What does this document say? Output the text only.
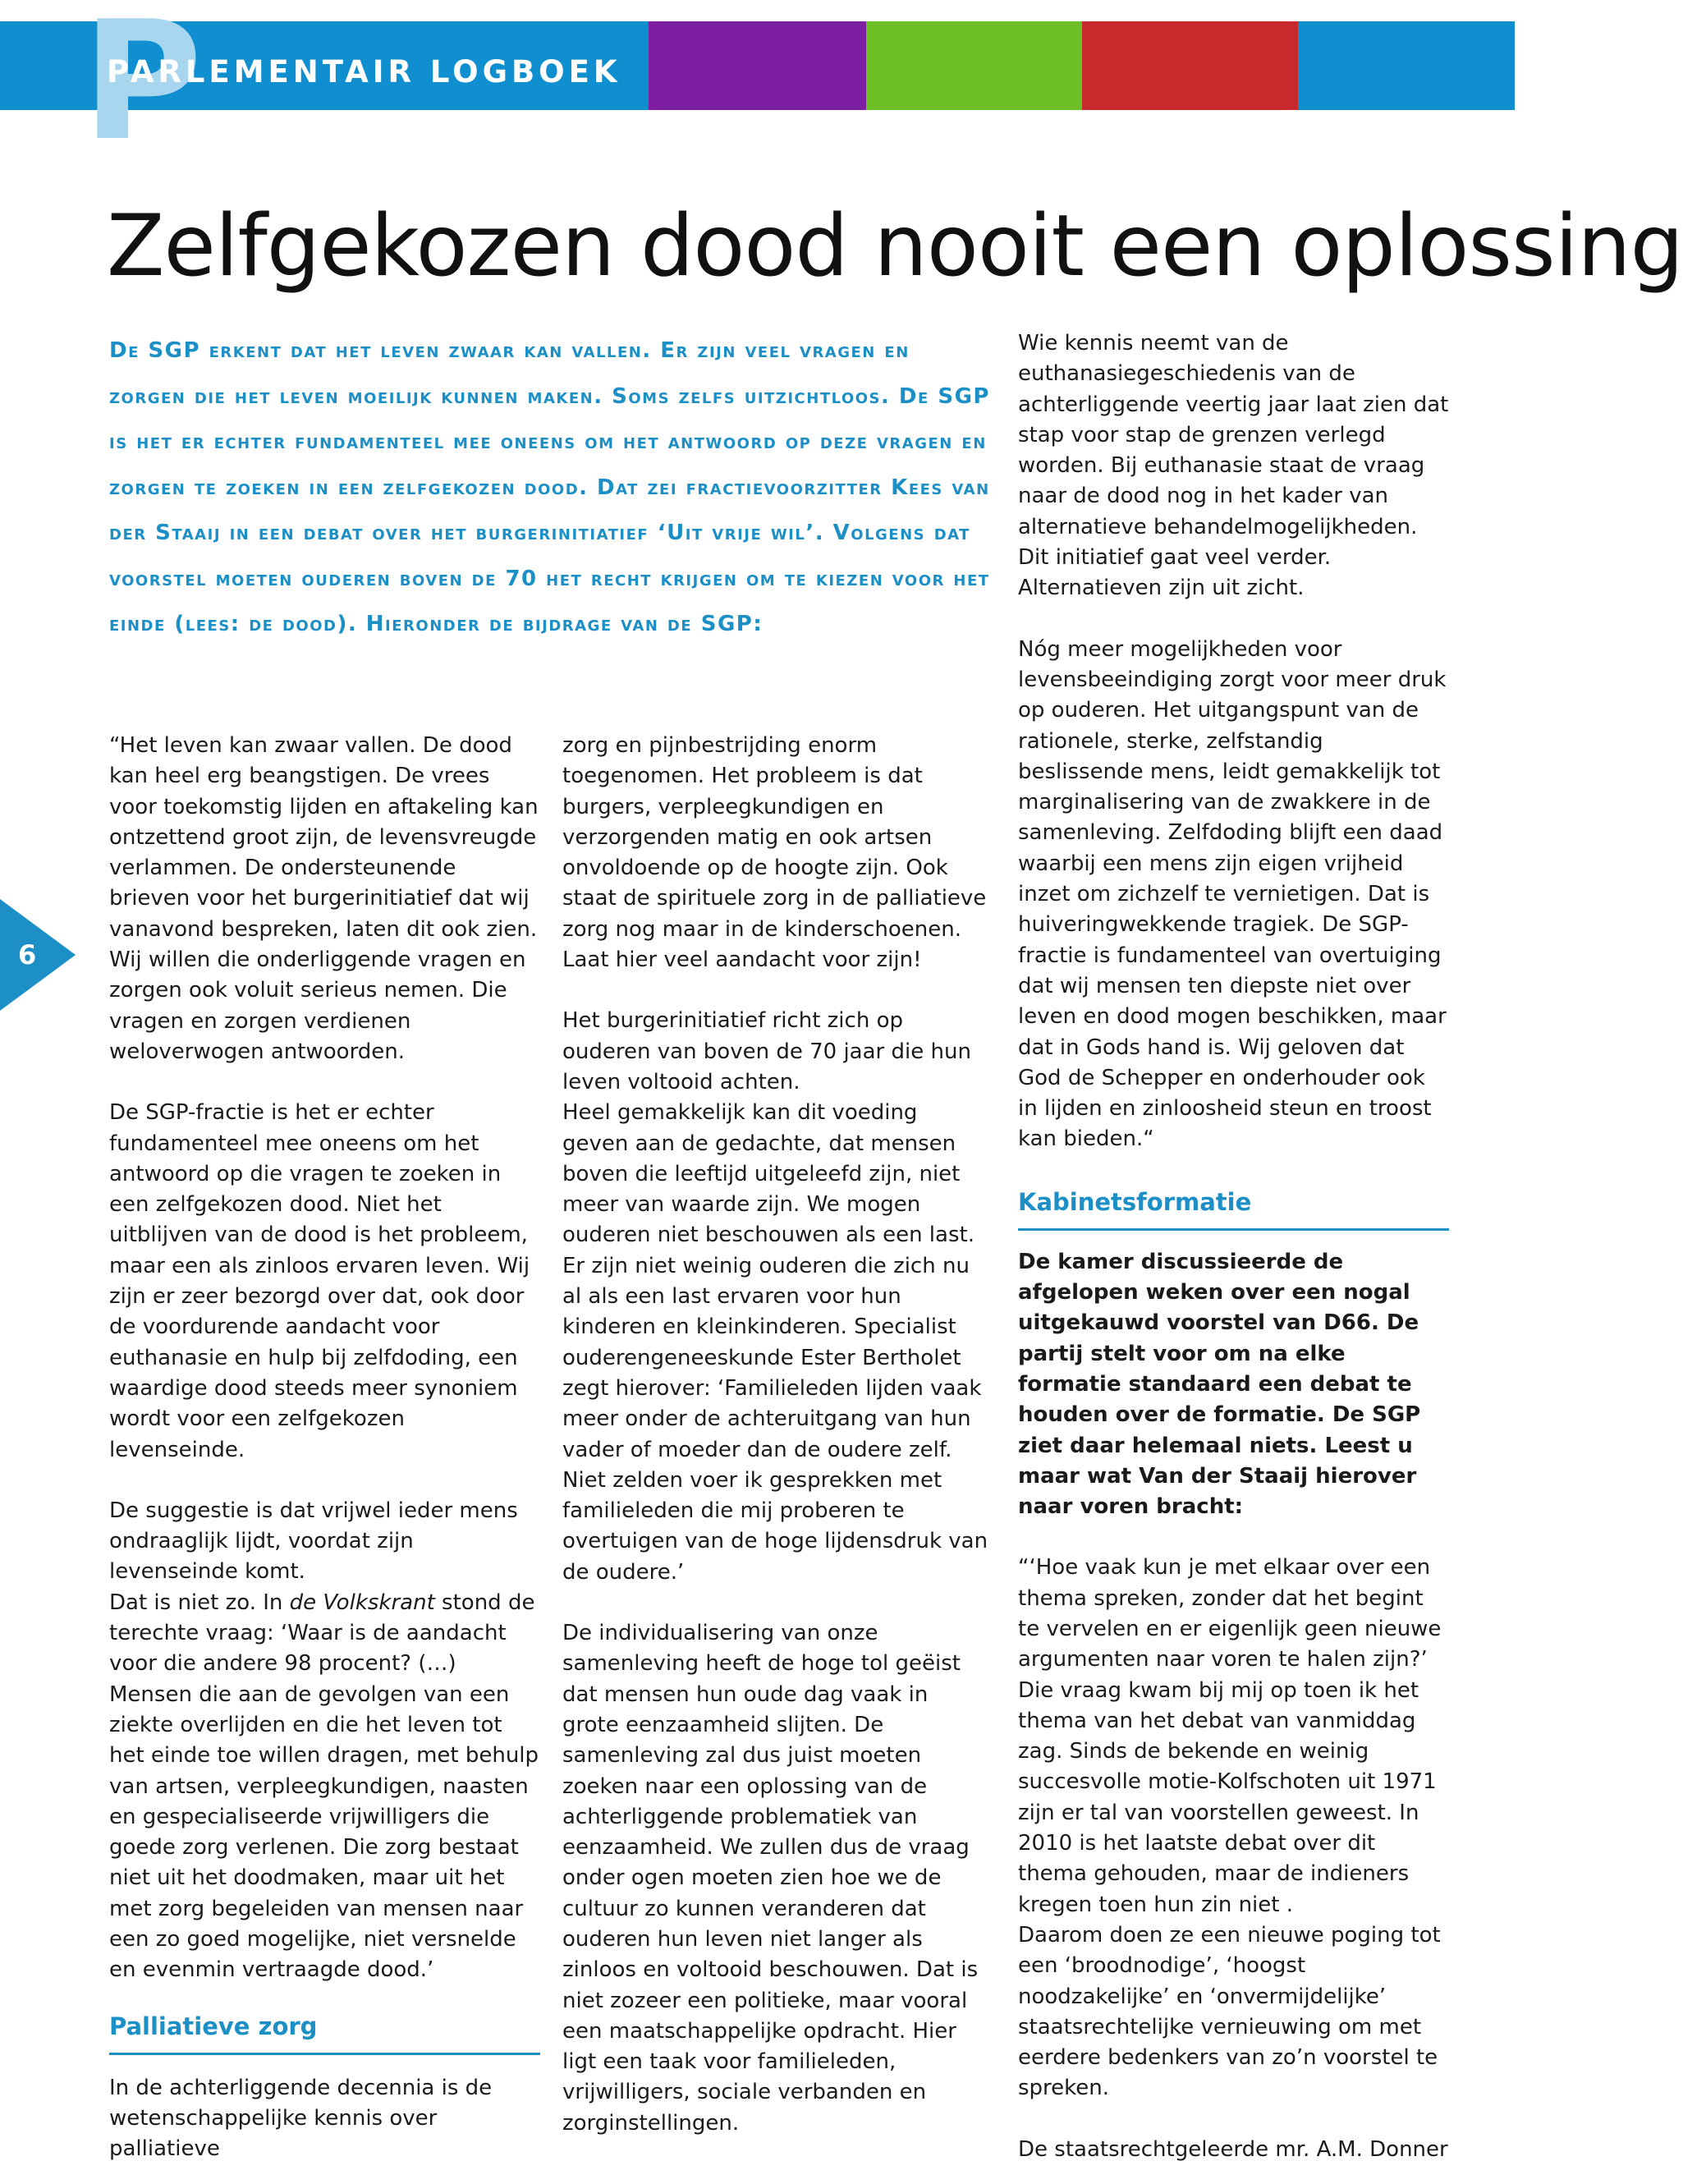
P
PARLEMENTAIR LOGBOEK
Zelfgekozen dood nooit een oplossing

De SGP erkent dat het leven zwaar kan vallen. Er zijn veel vragen en zorgen die het leven moeilijk kunnen maken. Soms zelfs uitzichtloos. De SGP is het er echter fundamenteel mee oneens om het antwoord op deze vragen en zorgen te zoeken in een zelfgekozen dood. Dat zei fractievoorzitter Kees van der Staaij in een debat over het burgerinitiatief ‘Uit vrije wil’. Volgens dat voorstel moeten ouderen boven de 70 het recht krijgen om te kiezen voor het einde (lees: de dood). Hieronder de bijdrage van de SGP:

6

“Het leven kan zwaar vallen. De dood kan heel erg beangstigen. De vrees voor toekomstig lijden en aftakeling kan ontzettend groot zijn, de levensvreugde verlammen. De ondersteunende brieven voor het burgerinitiatief dat wij vanavond bespreken, laten dit ook zien. Wij willen die onderliggende vragen en zorgen ook voluit serieus nemen. Die vragen en zorgen verdienen weloverwogen antwoorden.

De SGP-fractie is het er echter fundamenteel mee oneens om het antwoord op die vragen te zoeken in een zelfgekozen dood. Niet het uitblijven van de dood is het probleem, maar een als zinloos ervaren leven. Wij zijn er zeer bezorgd over dat, ook door de voordurende aandacht voor euthanasie en hulp bij zelfdoding, een waardige dood steeds meer synoniem wordt voor een zelfgekozen levenseinde.

De suggestie is dat vrijwel ieder mens ondraaglijk lijdt, voordat zijn levenseinde komt.

Dat is niet zo. In de Volkskrant stond de terechte vraag: ‘Waar is de aandacht voor die andere 98 procent? (…) Mensen die aan de gevolgen van een ziekte overlijden en die het leven tot het einde toe willen dragen, met behulp van artsen, verpleegkundigen, naasten en gespecialiseerde vrijwilligers die goede zorg verlenen. Die zorg bestaat niet uit het doodmaken, maar uit het met zorg begeleiden van mensen naar een zo goed mogelijke, niet versnelde en evenmin vertraagde dood.’

Palliatieve zorg

In de achterliggende decennia is de wetenschappelijke kennis over palliatieve

zorg en pijnbestrijding enorm toegenomen. Het probleem is dat burgers, verpleegkundigen en verzorgenden matig en ook artsen onvoldoende op de hoogte zijn. Ook staat de spirituele zorg in de palliatieve zorg nog maar in de kinderschoenen. Laat hier veel aandacht voor zijn!

Het burgerinitiatief richt zich op ouderen van boven de 70 jaar die hun leven voltooid achten.

Heel gemakkelijk kan dit voeding geven aan de gedachte, dat mensen boven die leeftijd uitgeleefd zijn, niet meer van waarde zijn. We mogen ouderen niet beschouwen als een last.

Er zijn niet weinig ouderen die zich nu al als een last ervaren voor hun kinderen en kleinkinderen. Specialist ouderengeneeskunde Ester Bertholet zegt hierover: ‘Familieleden lijden vaak meer onder de achteruitgang van hun vader of moeder dan de oudere zelf. Niet zelden voer ik gesprekken met familieleden die mij proberen te overtuigen van de hoge lijdensdruk van de oudere.’

De individualisering van onze samenleving heeft de hoge tol geëist dat mensen hun oude dag vaak in grote eenzaamheid slijten. De samenleving zal dus juist moeten zoeken naar een oplossing van de achterliggende problematiek van eenzaamheid. We zullen dus de vraag onder ogen moeten zien hoe we de cultuur zo kunnen veranderen dat ouderen hun leven niet langer als zinloos en voltooid beschouwen. Dat is niet zozeer een politieke, maar vooral een maatschappelijke opdracht. Hier ligt een taak voor familieleden, vrijwilligers, sociale verbanden en zorginstellingen.

Wie kennis neemt van de euthanasiegeschiedenis van de achterliggende veertig jaar laat zien dat stap voor stap de grenzen verlegd worden. Bij euthanasie staat de vraag naar de dood nog in het kader van alternatieve behandelmogelijkheden. Dit initiatief gaat veel verder. Alternatieven zijn uit zicht.

Nóg meer mogelijkheden voor levensbeeindiging zorgt voor meer druk op ouderen. Het uitgangspunt van de rationele, sterke, zelfstandig beslissende mens, leidt gemakkelijk tot marginalisering van de zwakkere in de samenleving. Zelfdoding blijft een daad waarbij een mens zijn eigen vrijheid inzet om zichzelf te vernietigen. Dat is huiveringwekkende tragiek. De SGP-fractie is fundamenteel van overtuiging dat wij mensen ten diepste niet over leven en dood mogen beschikken, maar dat in Gods hand is. Wij geloven dat God de Schepper en onderhouder ook in lijden en zinloosheid steun en troost kan bieden.“

Kabinetsformatie

De kamer discussieerde de afgelopen weken over een nogal uitgekauwd voorstel van D66. De partij stelt voor om na elke formatie standaard een debat te houden over de formatie. De SGP ziet daar helemaal niets. Leest u maar wat Van der Staaij hierover naar voren bracht:

“‘Hoe vaak kun je met elkaar over een thema spreken, zonder dat het begint te vervelen en er eigenlijk geen nieuwe argumenten naar voren te halen zijn?’ Die vraag kwam bij mij op toen ik het thema van het debat van vanmiddag zag. Sinds de bekende en weinig succesvolle motie-Kolfschoten uit 1971 zijn er tal van voorstellen geweest. In 2010 is het laatste debat over dit thema gehouden, maar de indieners kregen toen hun zin niet .

Daarom doen ze een nieuwe poging tot een ‘broodnodige’, ‘hoogst noodzakelijke’ en ‘onvermijdelijke’ staatsrechtelijke vernieuwing om met eerdere bedenkers van zo’n voorstel te spreken.

De staatsrechtgeleerde mr. A.M. Donner
